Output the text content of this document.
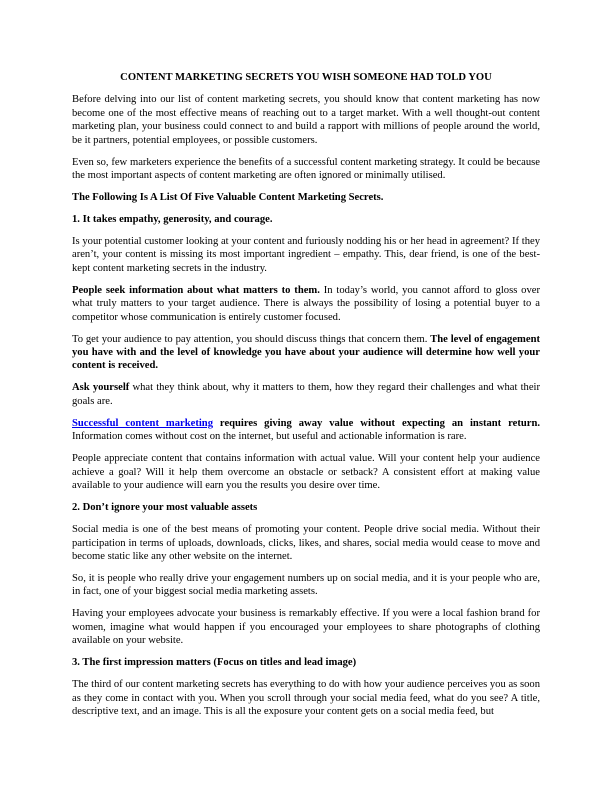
CONTENT MARKETING SECRETS YOU WISH SOMEONE HAD TOLD YOU

Before delving into our list of content marketing secrets, you should know that content marketing has now become one of the most effective means of reaching out to a target market. With a well thought-out content marketing plan, your business could connect to and build a rapport with millions of people around the world, be it partners, potential employees, or possible customers.

Even so, few marketers experience the benefits of a successful content marketing strategy. It could be because the most important aspects of content marketing are often ignored or minimally utilised.

The Following Is A List Of Five Valuable Content Marketing Secrets.

1. It takes empathy, generosity, and courage.

Is your potential customer looking at your content and furiously nodding his or her head in agreement? If they aren’t, your content is missing its most important ingredient – empathy. This, dear friend, is one of the best-kept content marketing secrets in the industry.

People seek information about what matters to them. In today’s world, you cannot afford to gloss over what truly matters to your target audience. There is always the possibility of losing a potential buyer to a competitor whose communication is entirely customer focused.

To get your audience to pay attention, you should discuss things that concern them. The level of engagement you have with and the level of knowledge you have about your audience will determine how well your content is received.

Ask yourself what they think about, why it matters to them, how they regard their challenges and what their goals are.

Successful content marketing requires giving away value without expecting an instant return. Information comes without cost on the internet, but useful and actionable information is rare.

People appreciate content that contains information with actual value. Will your content help your audience achieve a goal? Will it help them overcome an obstacle or setback? A consistent effort at making value available to your audience will earn you the results you desire over time.

2. Don’t ignore your most valuable assets

Social media is one of the best means of promoting your content. People drive social media. Without their participation in terms of uploads, downloads, clicks, likes, and shares, social media would cease to move and become static like any other website on the internet.

So, it is people who really drive your engagement numbers up on social media, and it is your people who are, in fact, one of your biggest social media marketing assets.

Having your employees advocate your business is remarkably effective. If you were a local fashion brand for women, imagine what would happen if you encouraged your employees to share photographs of clothing available on your website.

3. The first impression matters (Focus on titles and lead image)

The third of our content marketing secrets has everything to do with how your audience perceives you as soon as they come in contact with you. When you scroll through your social media feed, what do you see? A title, descriptive text, and an image. This is all the exposure your content gets on a social media feed, but
